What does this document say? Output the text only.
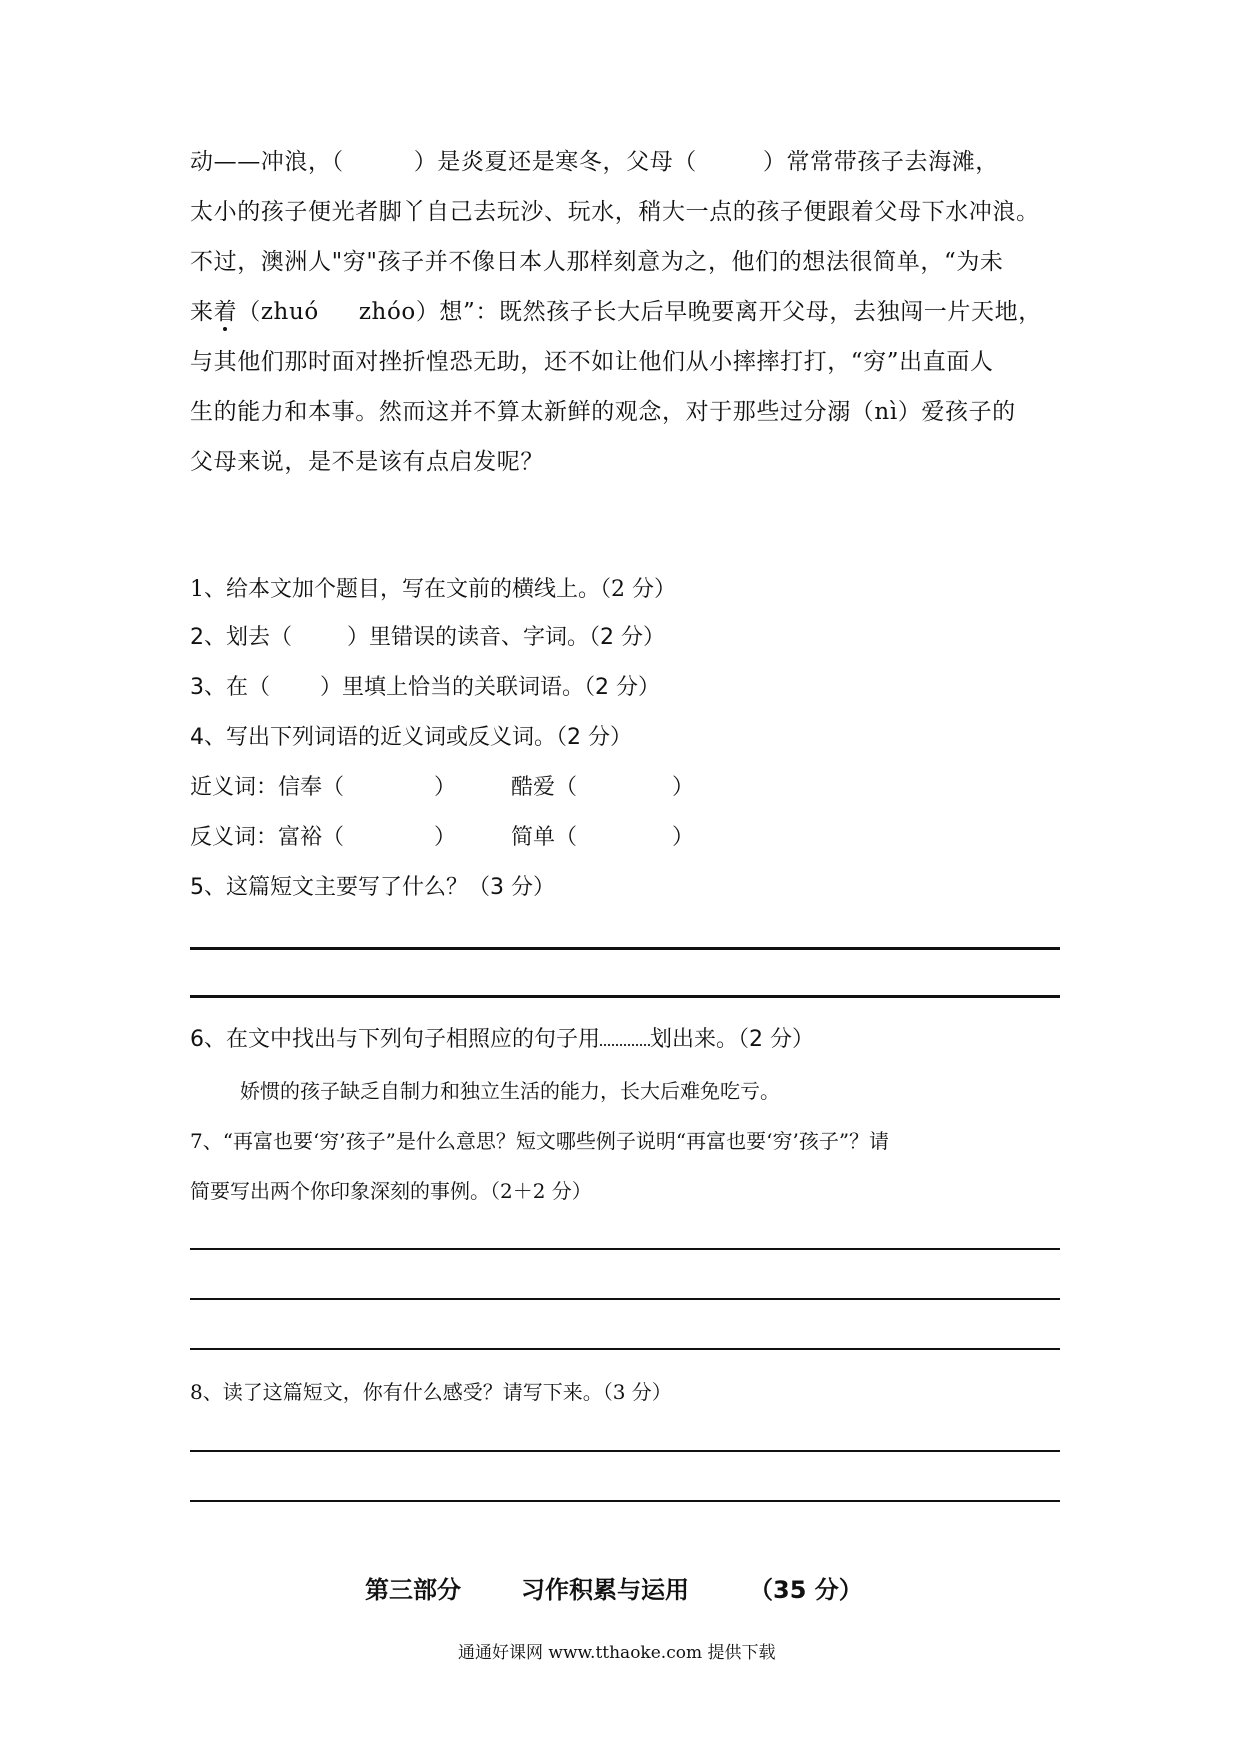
动——冲浪，（	）是炎夏还是寒冬，父母（	）常常带孩子去海滩，
太小的孩子便光者脚丫自己去玩沙、玩水，稍大一点的孩子便跟着父母下水冲浪。
不过，澳洲人"穷"孩子并不像日本人那样刻意为之，他们的想法很简单，“为未
来着（zhuó zhóo）想”：既然孩子长大后早晚要离开父母，去独闯一片天地，
与其他们那时面对挫折惶恐无助，还不如让他们从小摔摔打打，“穷”出直面人
生的能力和本事。然而这并不算太新鲜的观念，对于那些过分溺（nì）爱孩子的
父母来说，是不是该有点启发呢？
1、给本文加个题目，写在文前的横线上。（2 分）
2、划去（	）里错误的读音、字词。（2 分）
3、在（ ）里填上恰当的关联词语。（2 分）
4、写出下列词语的近义词或反义词。（2 分）
近义词：信奉（	）	酷爱（	）
反义词：富裕（	）	简单（	）
5、这篇短文主要写了什么？（3 分）
6、在文中找出与下列句子相照应的句子用 划出来。（2 分）
娇惯的孩子缺乏自制力和独立生活的能力，长大后难免吃亏。
7、“再富也要‘穷’孩子”是什么意思？短文哪些例子说明“再富也要‘穷’孩子”？请
简要写出两个你印象深刻的事例。（2＋2 分）
8、读了这篇短文，你有什么感受？请写下来。（3 分）
第三部分	习作积累与运用	（35 分）
通通好课网 www.tthaoke.com 提供下载
